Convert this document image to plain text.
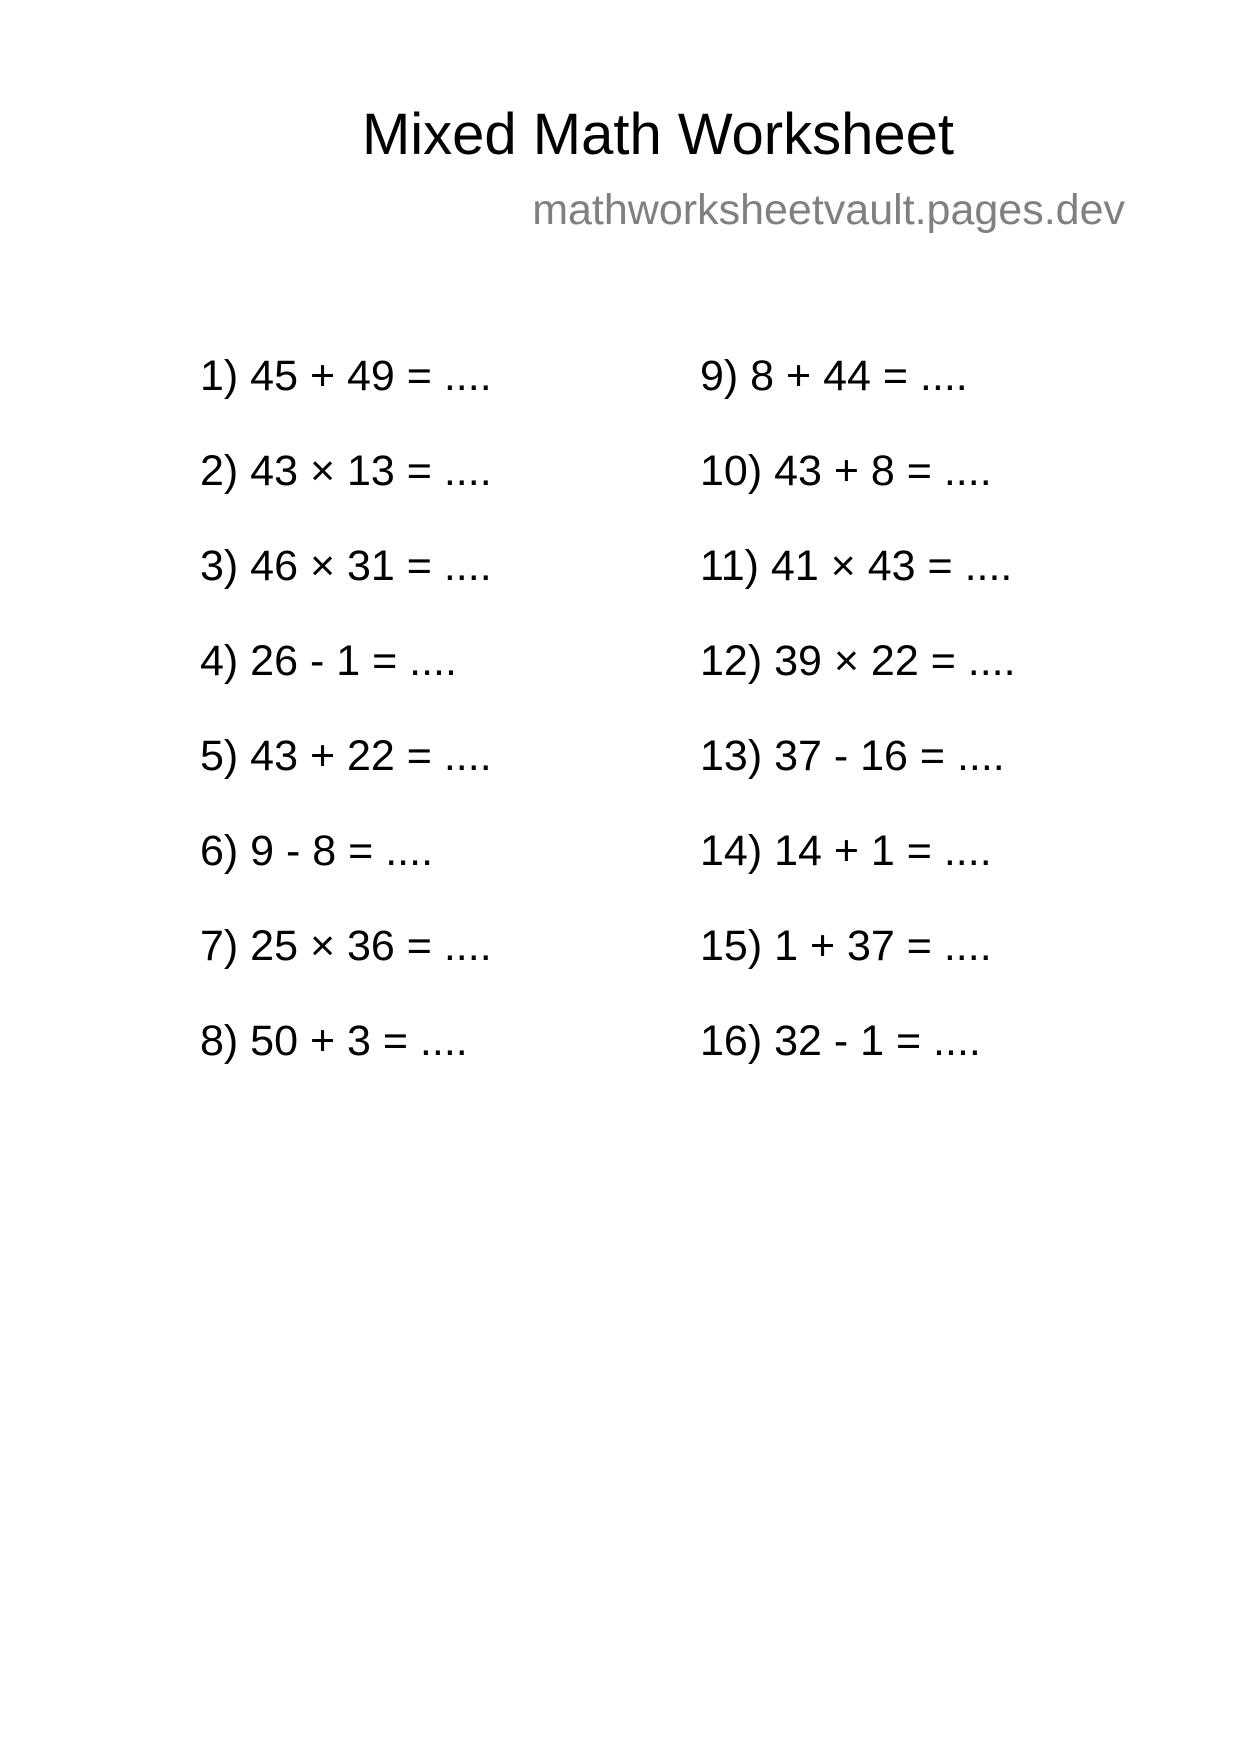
Mixed Math Worksheet
mathworksheetvault.pages.dev
1) 45 + 49 = ....
2) 43 × 13 = ....
3) 46 × 31 = ....
4) 26 - 1 = ....
5) 43 + 22 = ....
6) 9 - 8 = ....
7) 25 × 36 = ....
8) 50 + 3 = ....
9) 8 + 44 = ....
10) 43 + 8 = ....
11) 41 × 43 = ....
12) 39 × 22 = ....
13) 37 - 16 = ....
14) 14 + 1 = ....
15) 1 + 37 = ....
16) 32 - 1 = ....
